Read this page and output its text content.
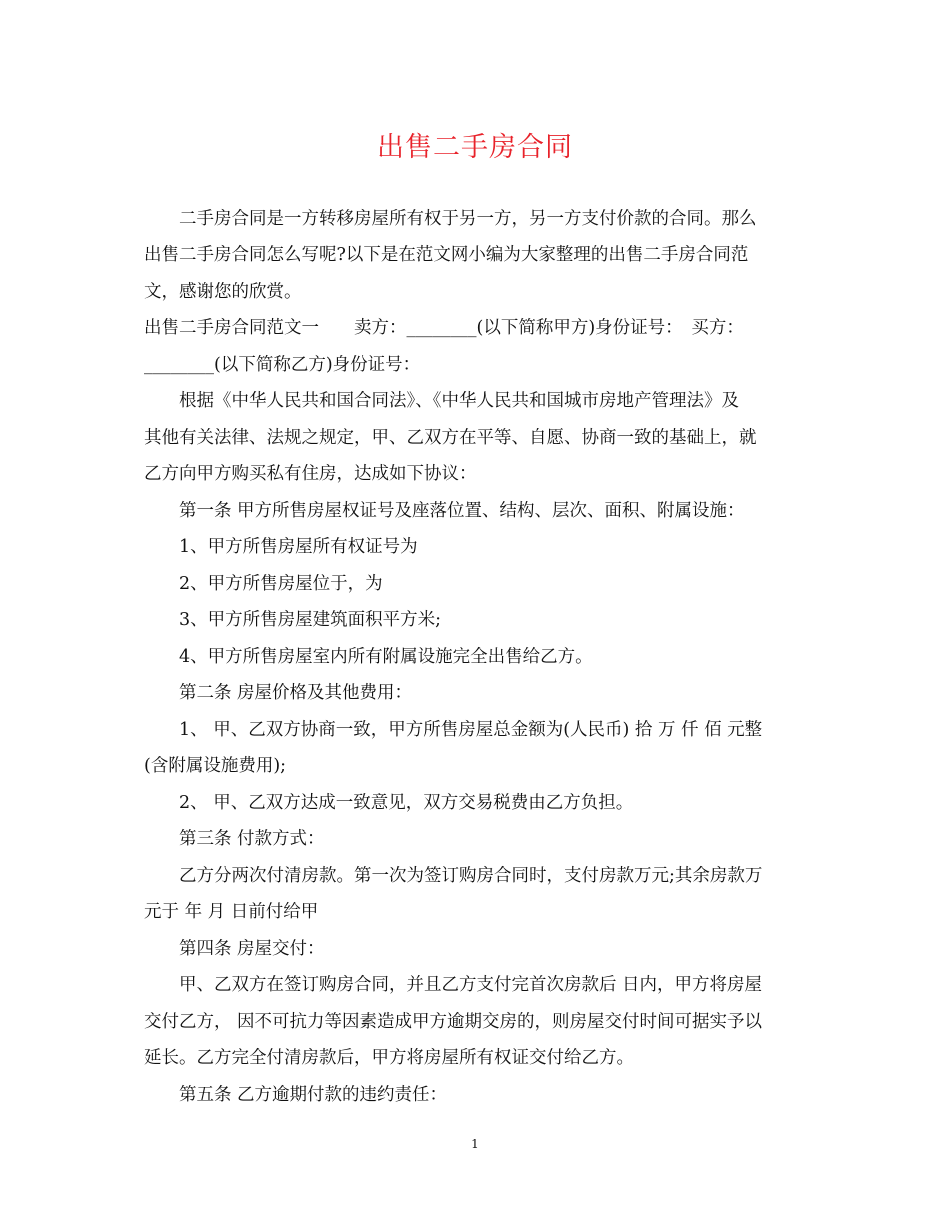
出售二手房合同
　　二手房合同是一方转移房屋所有权于另一方，另一方支付价款的合同。那么
出售二手房合同怎么写呢?以下是在范文网小编为大家整理的出售二手房合同范
文，感谢您的欣赏。
出售二手房合同范文一　　卖方：________(以下简称甲方)身份证号：　买方：
________(以下简称乙方)身份证号：
　　根据《中华人民共和国合同法》、《中华人民共和国城市房地产管理法》及
其他有关法律、法规之规定，甲、乙双方在平等、自愿、协商一致的基础上，就
乙方向甲方购买私有住房，达成如下协议：
　　第一条 甲方所售房屋权证号及座落位置、结构、层次、面积、附属设施：
　　1、甲方所售房屋所有权证号为
　　2、甲方所售房屋位于，为
　　3、甲方所售房屋建筑面积平方米;
　　4、甲方所售房屋室内所有附属设施完全出售给乙方。
　　第二条 房屋价格及其他费用：
　　1、 甲、乙双方协商一致，甲方所售房屋总金额为(人民币) 拾 万 仟 佰 元整
(含附属设施费用);
　　2、 甲、乙双方达成一致意见，双方交易税费由乙方负担。
　　第三条 付款方式：
　　乙方分两次付清房款。第一次为签订购房合同时，支付房款万元;其余房款万
元于 年 月 日前付给甲
　　第四条 房屋交付：
　　甲、乙双方在签订购房合同，并且乙方支付完首次房款后 日内，甲方将房屋
交付乙方， 因不可抗力等因素造成甲方逾期交房的，则房屋交付时间可据实予以
延长。乙方完全付清房款后，甲方将房屋所有权证交付给乙方。
　　第五条 乙方逾期付款的违约责任：
1
